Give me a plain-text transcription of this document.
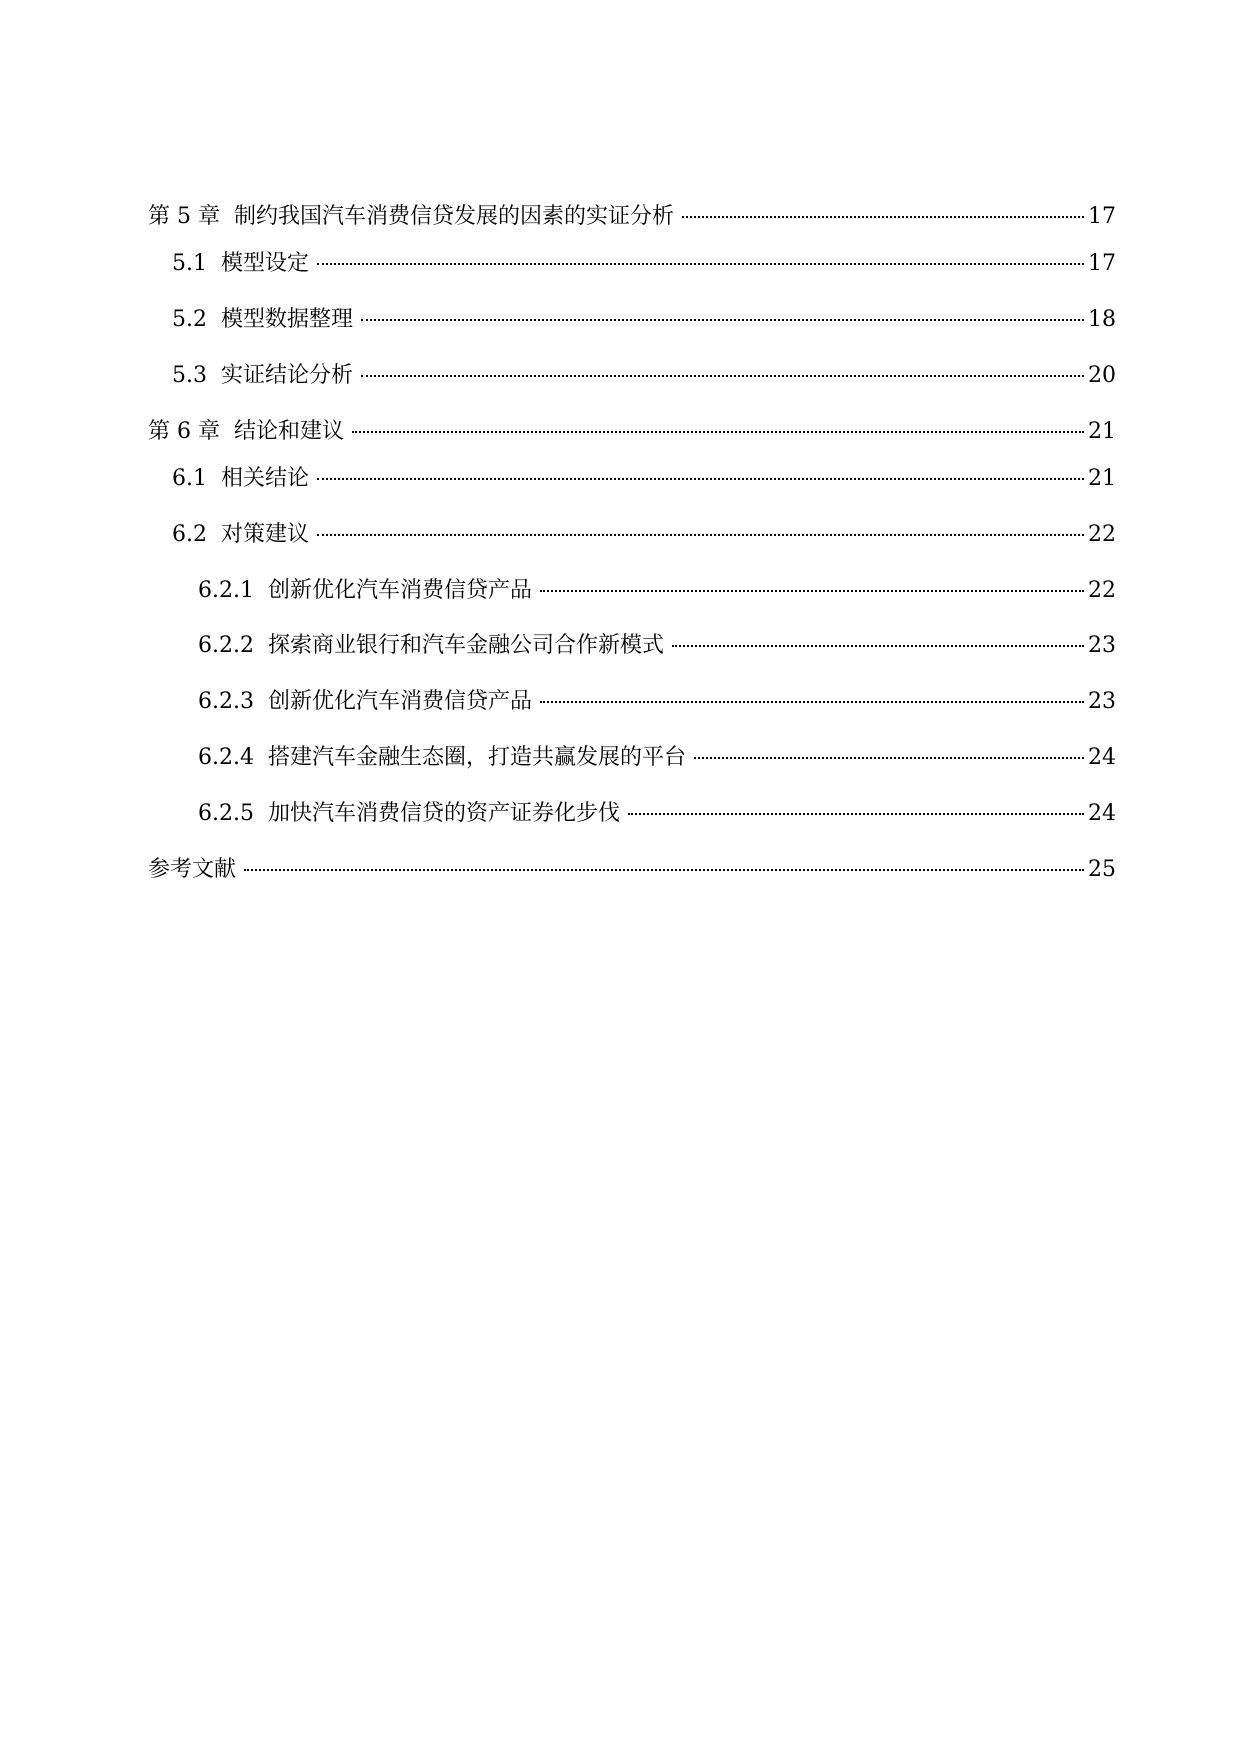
第 5 章 制约我国汽车消费信贷发展的因素的实证分析	17
5.1 模型设定	17
5.2 模型数据整理	18
5.3 实证结论分析	20
第 6 章 结论和建议	21
6.1 相关结论	21
6.2 对策建议	22
6.2.1 创新优化汽车消费信贷产品	22
6.2.2 探索商业银行和汽车金融公司合作新模式	23
6.2.3 创新优化汽车消费信贷产品	23
6.2.4 搭建汽车金融生态圈，打造共赢发展的平台	24
6.2.5 加快汽车消费信贷的资产证券化步伐	24
参考文献	25
